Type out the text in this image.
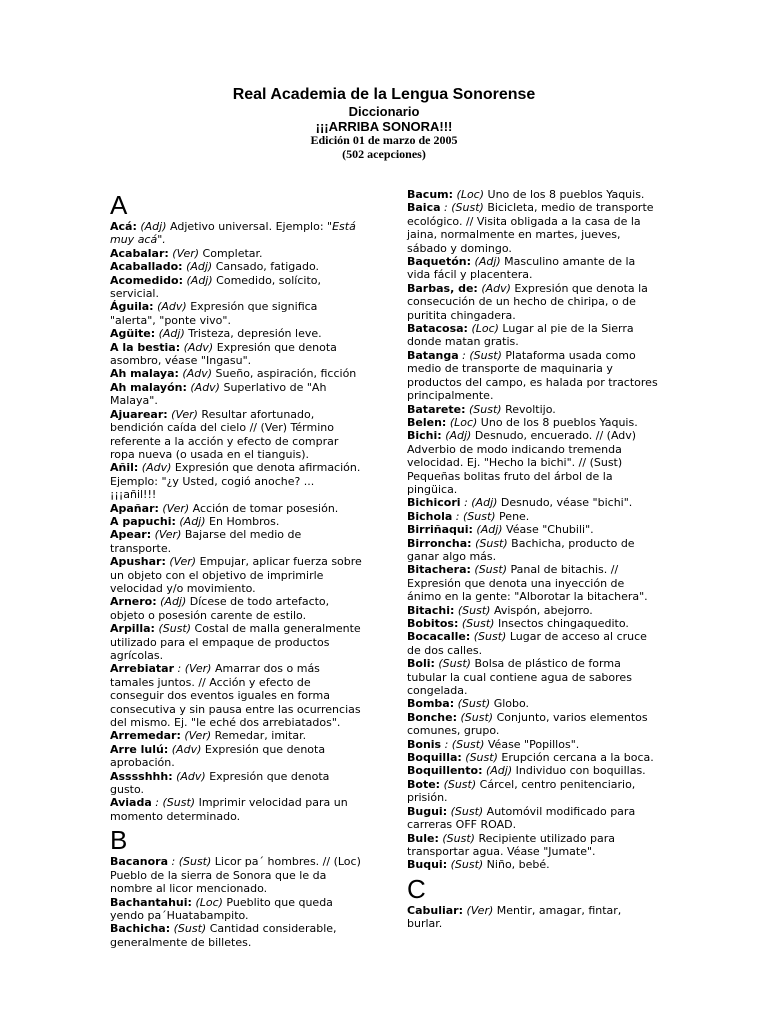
Real Academia de la Lengua Sonorense
Diccionario
¡¡¡ARRIBA SONORA!!!
Edición 01 de marzo de 2005
(502 acepciones)
A
Acá: (Adj) Adjetivo universal. Ejemplo: "Está muy acá".
Acabalar: (Ver) Completar.
Acaballado: (Adj) Cansado, fatigado.
Acomedido: (Adj) Comedido, solícito, servicial.
Águila: (Adv) Expresión que significa "alerta", "ponte vivo".
Agüite: (Adj) Tristeza, depresión leve.
A la bestia: (Adv) Expresión que denota asombro, véase "Ingasu".
Ah malaya: (Adv) Sueño, aspiración, ficción
Ah malayón: (Adv) Superlativo de "Ah Malaya".
Ajuarear: (Ver) Resultar afortunado, bendición caída del cielo // (Ver) Término referente a la acción y efecto de comprar ropa nueva (o usada en el tianguis).
Añil: (Adv) Expresión que denota afirmación. Ejemplo: "¿y Usted, cogió anoche? ... ¡¡¡añil!!!
Apañar: (Ver) Acción de tomar posesión.
A papuchi: (Adj) En Hombros.
Apear: (Ver) Bajarse del medio de transporte.
Apushar: (Ver) Empujar, aplicar fuerza sobre un objeto con el objetivo de imprimirle velocidad y/o movimiento.
Arnero: (Adj) Dícese de todo artefacto, objeto o posesión carente de estilo.
Arpilla: (Sust) Costal de malla generalmente utilizado para el empaque de productos agrícolas.
Arrebiatar : (Ver) Amarrar dos o más tamales juntos. // Acción y efecto de conseguir dos eventos iguales en forma consecutiva y sin pausa entre las ocurrencias del mismo. Ej. "le eché dos arrebiatados".
Arremedar: (Ver) Remedar, imitar.
Arre lulú: (Adv) Expresión que denota aprobación.
Asssshhh: (Adv) Expresión que denota gusto.
Aviada : (Sust) Imprimir velocidad para un momento determinado.
B
Bacanora : (Sust) Licor pa´ hombres. // (Loc) Pueblo de la sierra de Sonora que le da nombre al licor mencionado.
Bachantahui: (Loc) Pueblito que queda yendo pa´Huatabampito.
Bachicha: (Sust) Cantidad considerable, generalmente de billetes.
Bacum: (Loc) Uno de los 8 pueblos Yaquis.
Baica : (Sust) Bicicleta, medio de transporte ecológico. // Visita obligada a la casa de la jaina, normalmente en martes, jueves, sábado y domingo.
Baquetón: (Adj) Masculino amante de la vida fácil y placentera.
Barbas, de: (Adv) Expresión que denota la consecución de un hecho de chiripa, o de puritita chingadera.
Batacosa: (Loc) Lugar al pie de la Sierra donde matan gratis.
Batanga : (Sust) Plataforma usada como medio de transporte de maquinaria y productos del campo, es halada por tractores principalmente.
Batarete: (Sust) Revoltijo.
Belen: (Loc) Uno de los 8 pueblos Yaquis.
Bichi: (Adj) Desnudo, encuerado. // (Adv) Adverbio de modo indicando tremenda velocidad. Ej. "Hecho la bichi". // (Sust) Pequeñas bolitas fruto del árbol de la pingüica.
Bichicori : (Adj) Desnudo, véase "bichi".
Bichola : (Sust) Pene.
Birriñaqui: (Adj) Véase "Chubili".
Birroncha: (Sust) Bachicha, producto de ganar algo más.
Bitachera: (Sust) Panal de bitachis. // Expresión que denota una inyección de ánimo en la gente: "Alborotar la bitachera".
Bitachi: (Sust) Avispón, abejorro.
Bobitos: (Sust) Insectos chingaquedito.
Bocacalle: (Sust) Lugar de acceso al cruce de dos calles.
Boli: (Sust) Bolsa de plástico de forma tubular la cual contiene agua de sabores congelada.
Bomba: (Sust) Globo.
Bonche: (Sust) Conjunto, varios elementos comunes, grupo.
Bonis : (Sust) Véase "Popillos".
Boquilla: (Sust) Erupción cercana a la boca.
Boquillento: (Adj) Individuo con boquillas.
Bote: (Sust) Cárcel, centro penitenciario, prisión.
Bugui: (Sust) Automóvil modificado para carreras OFF ROAD.
Bule: (Sust) Recipiente utilizado para transportar agua. Véase "Jumate".
Buqui: (Sust) Niño, bebé.
C
Cabuliar: (Ver) Mentir, amagar, fintar, burlar.
